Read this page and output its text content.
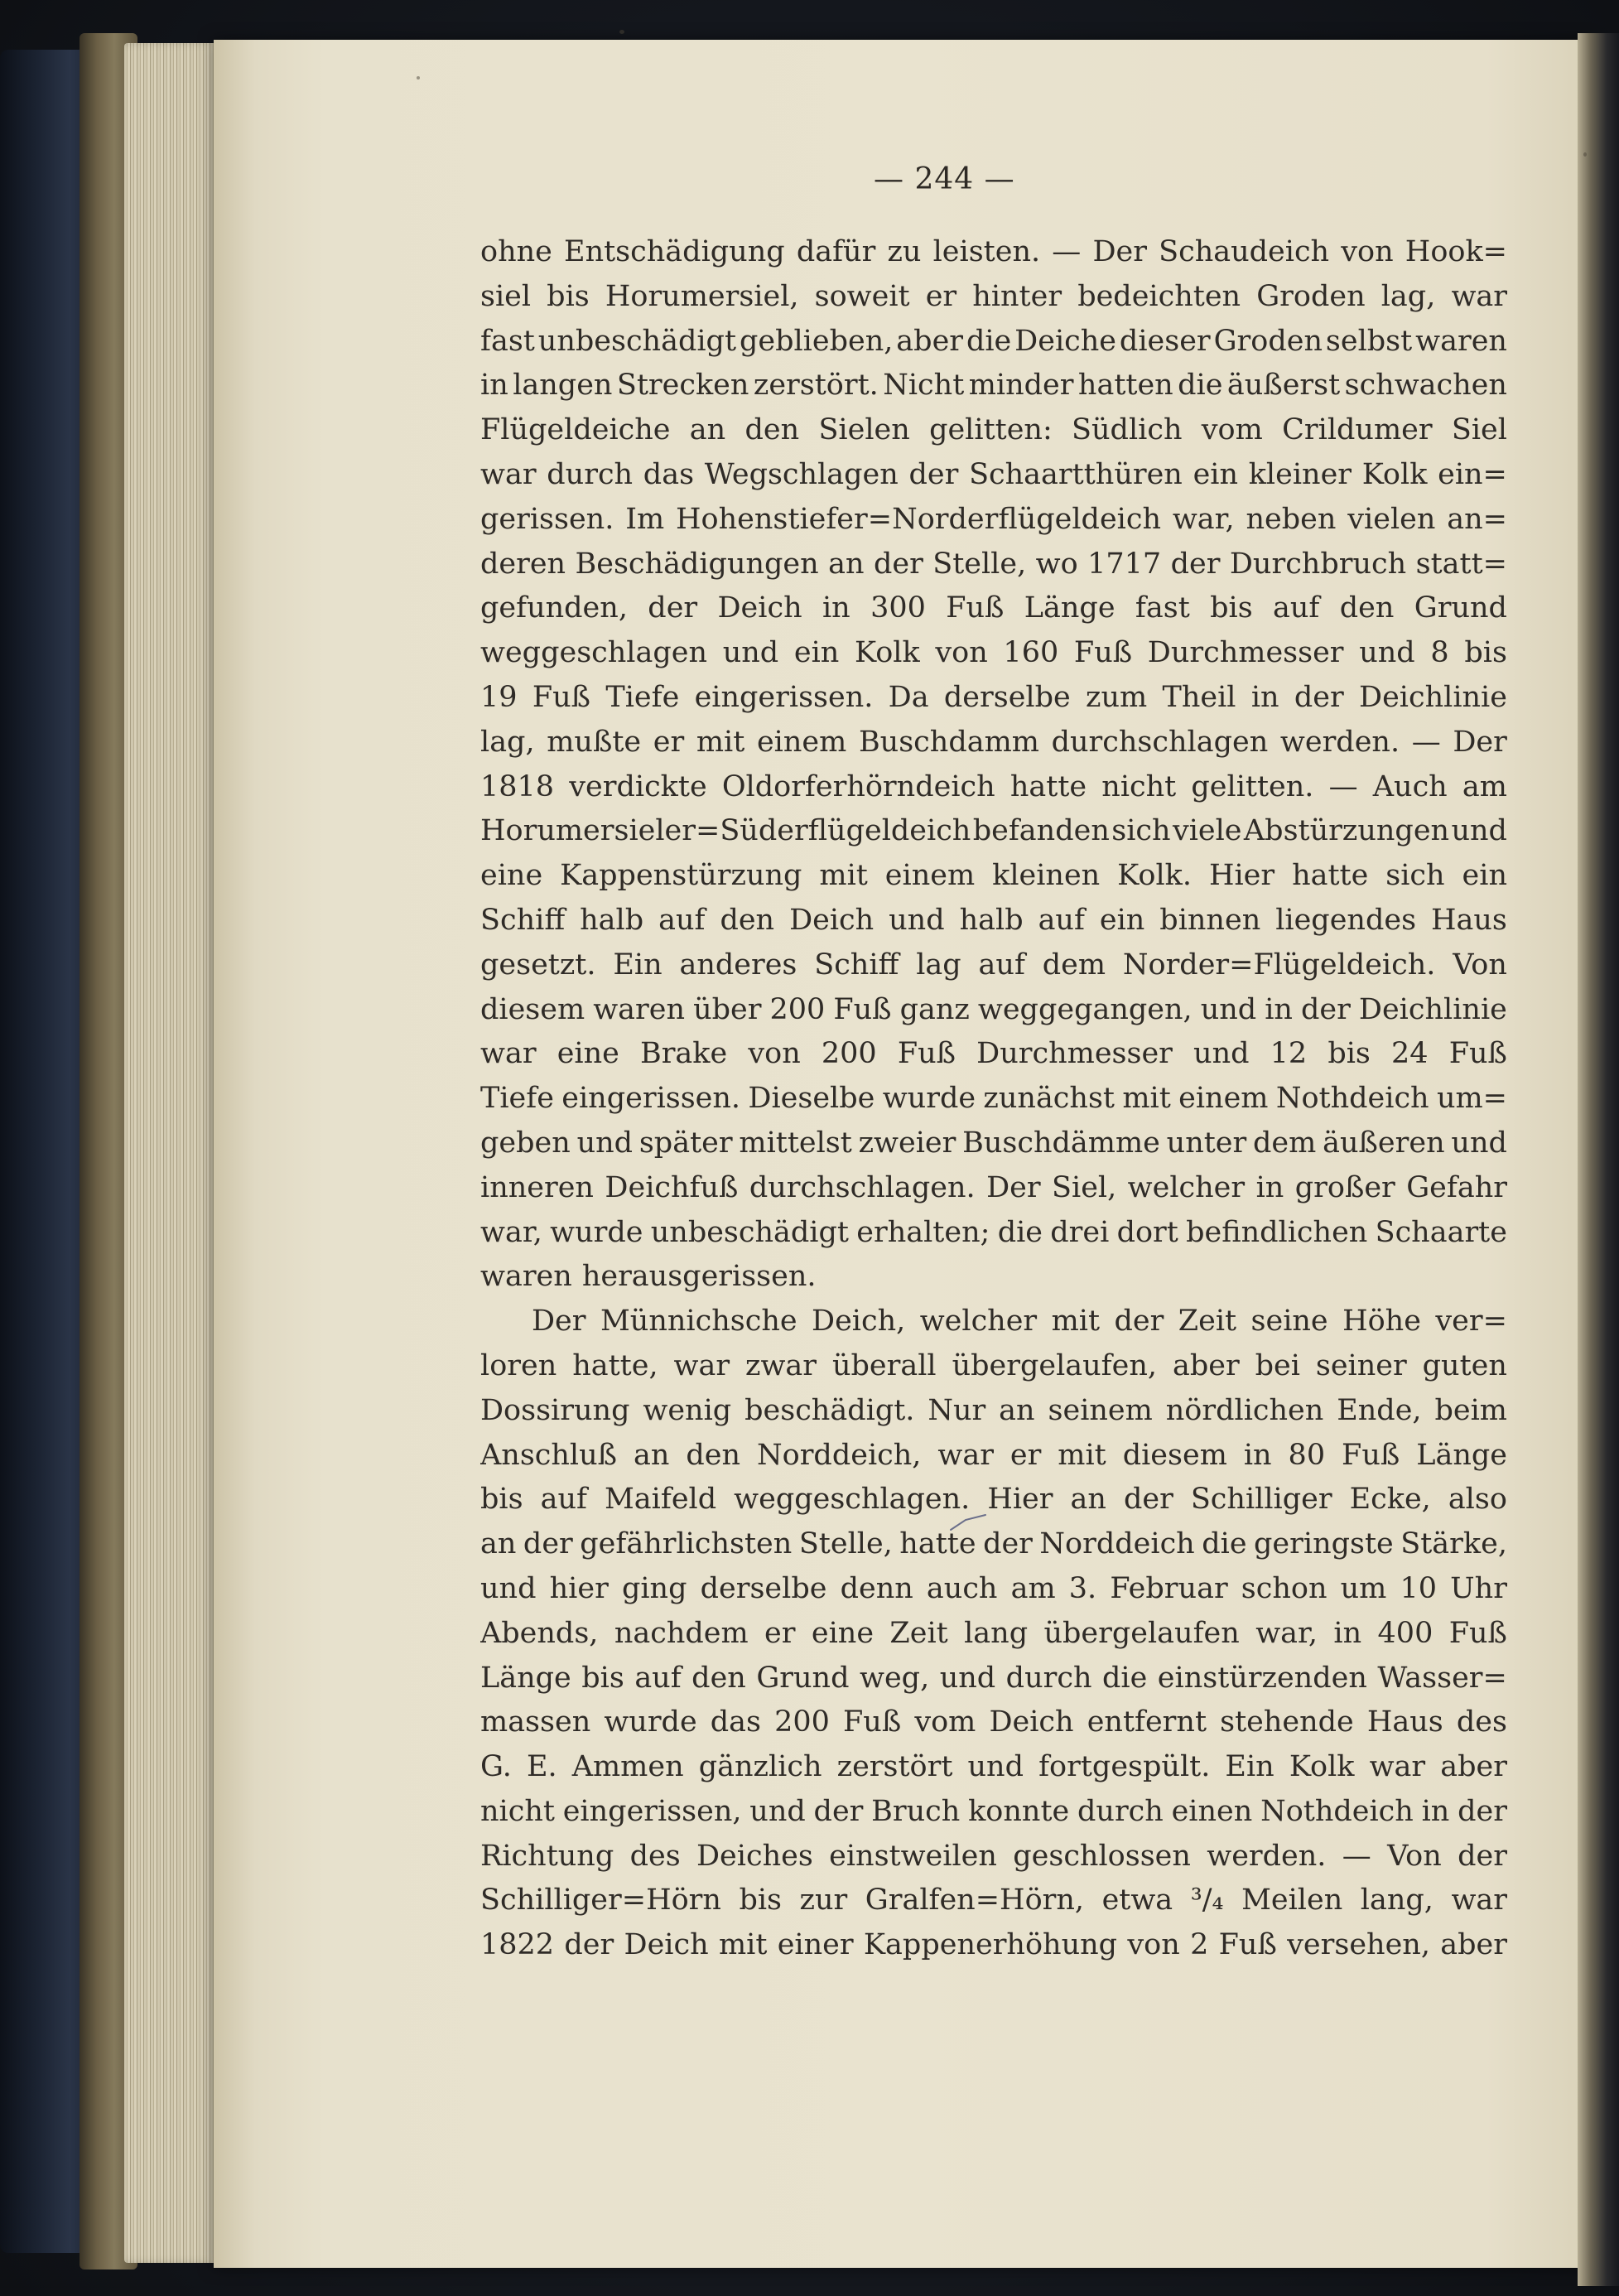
— 244 —
ohne Entschädigung dafür zu leisten. — Der Schaudeich von Hook=
siel bis Horumersiel, soweit er hinter bedeichten Groden lag, war
fast unbeschädigt geblieben, aber die Deiche dieser Groden selbst waren
in langen Strecken zerstört. Nicht minder hatten die äußerst schwachen
Flügeldeiche an den Sielen gelitten: Südlich vom Crildumer Siel
war durch das Wegschlagen der Schaartthüren ein kleiner Kolk ein=
gerissen. Im Hohenstiefer=Norderflügeldeich war, neben vielen an=
deren Beschädigungen an der Stelle, wo 1717 der Durchbruch statt=
gefunden, der Deich in 300 Fuß Länge fast bis auf den Grund
weggeschlagen und ein Kolk von 160 Fuß Durchmesser und 8 bis
19 Fuß Tiefe eingerissen. Da derselbe zum Theil in der Deichlinie
lag, mußte er mit einem Buschdamm durchschlagen werden. — Der
1818 verdickte Oldorferhörndeich hatte nicht gelitten. — Auch am
Horumersieler=Süderflügeldeich befanden sich viele Abstürzungen und
eine Kappenstürzung mit einem kleinen Kolk. Hier hatte sich ein
Schiff halb auf den Deich und halb auf ein binnen liegendes Haus
gesetzt. Ein anderes Schiff lag auf dem Norder=Flügeldeich. Von
diesem waren über 200 Fuß ganz weggegangen, und in der Deichlinie
war eine Brake von 200 Fuß Durchmesser und 12 bis 24 Fuß
Tiefe eingerissen. Dieselbe wurde zunächst mit einem Nothdeich um=
geben und später mittelst zweier Buschdämme unter dem äußeren und
inneren Deichfuß durchschlagen. Der Siel, welcher in großer Gefahr
war, wurde unbeschädigt erhalten; die drei dort befindlichen Schaarte
waren herausgerissen.
Der Münnichsche Deich, welcher mit der Zeit seine Höhe ver=
loren hatte, war zwar überall übergelaufen, aber bei seiner guten
Dossirung wenig beschädigt. Nur an seinem nördlichen Ende, beim
Anschluß an den Norddeich, war er mit diesem in 80 Fuß Länge
bis auf Maifeld weggeschlagen. Hier an der Schilliger Ecke, also
an der gefährlichsten Stelle, hatte der Norddeich die geringste Stärke,
und hier ging derselbe denn auch am 3. Februar schon um 10 Uhr
Abends, nachdem er eine Zeit lang übergelaufen war, in 400 Fuß
Länge bis auf den Grund weg, und durch die einstürzenden Wasser=
massen wurde das 200 Fuß vom Deich entfernt stehende Haus des
G. E. Ammen gänzlich zerstört und fortgespült. Ein Kolk war aber
nicht eingerissen, und der Bruch konnte durch einen Nothdeich in der
Richtung des Deiches einstweilen geschlossen werden. — Von der
Schilliger=Hörn bis zur Gralfen=Hörn, etwa ³/₄ Meilen lang, war
1822 der Deich mit einer Kappenerhöhung von 2 Fuß versehen, aber
